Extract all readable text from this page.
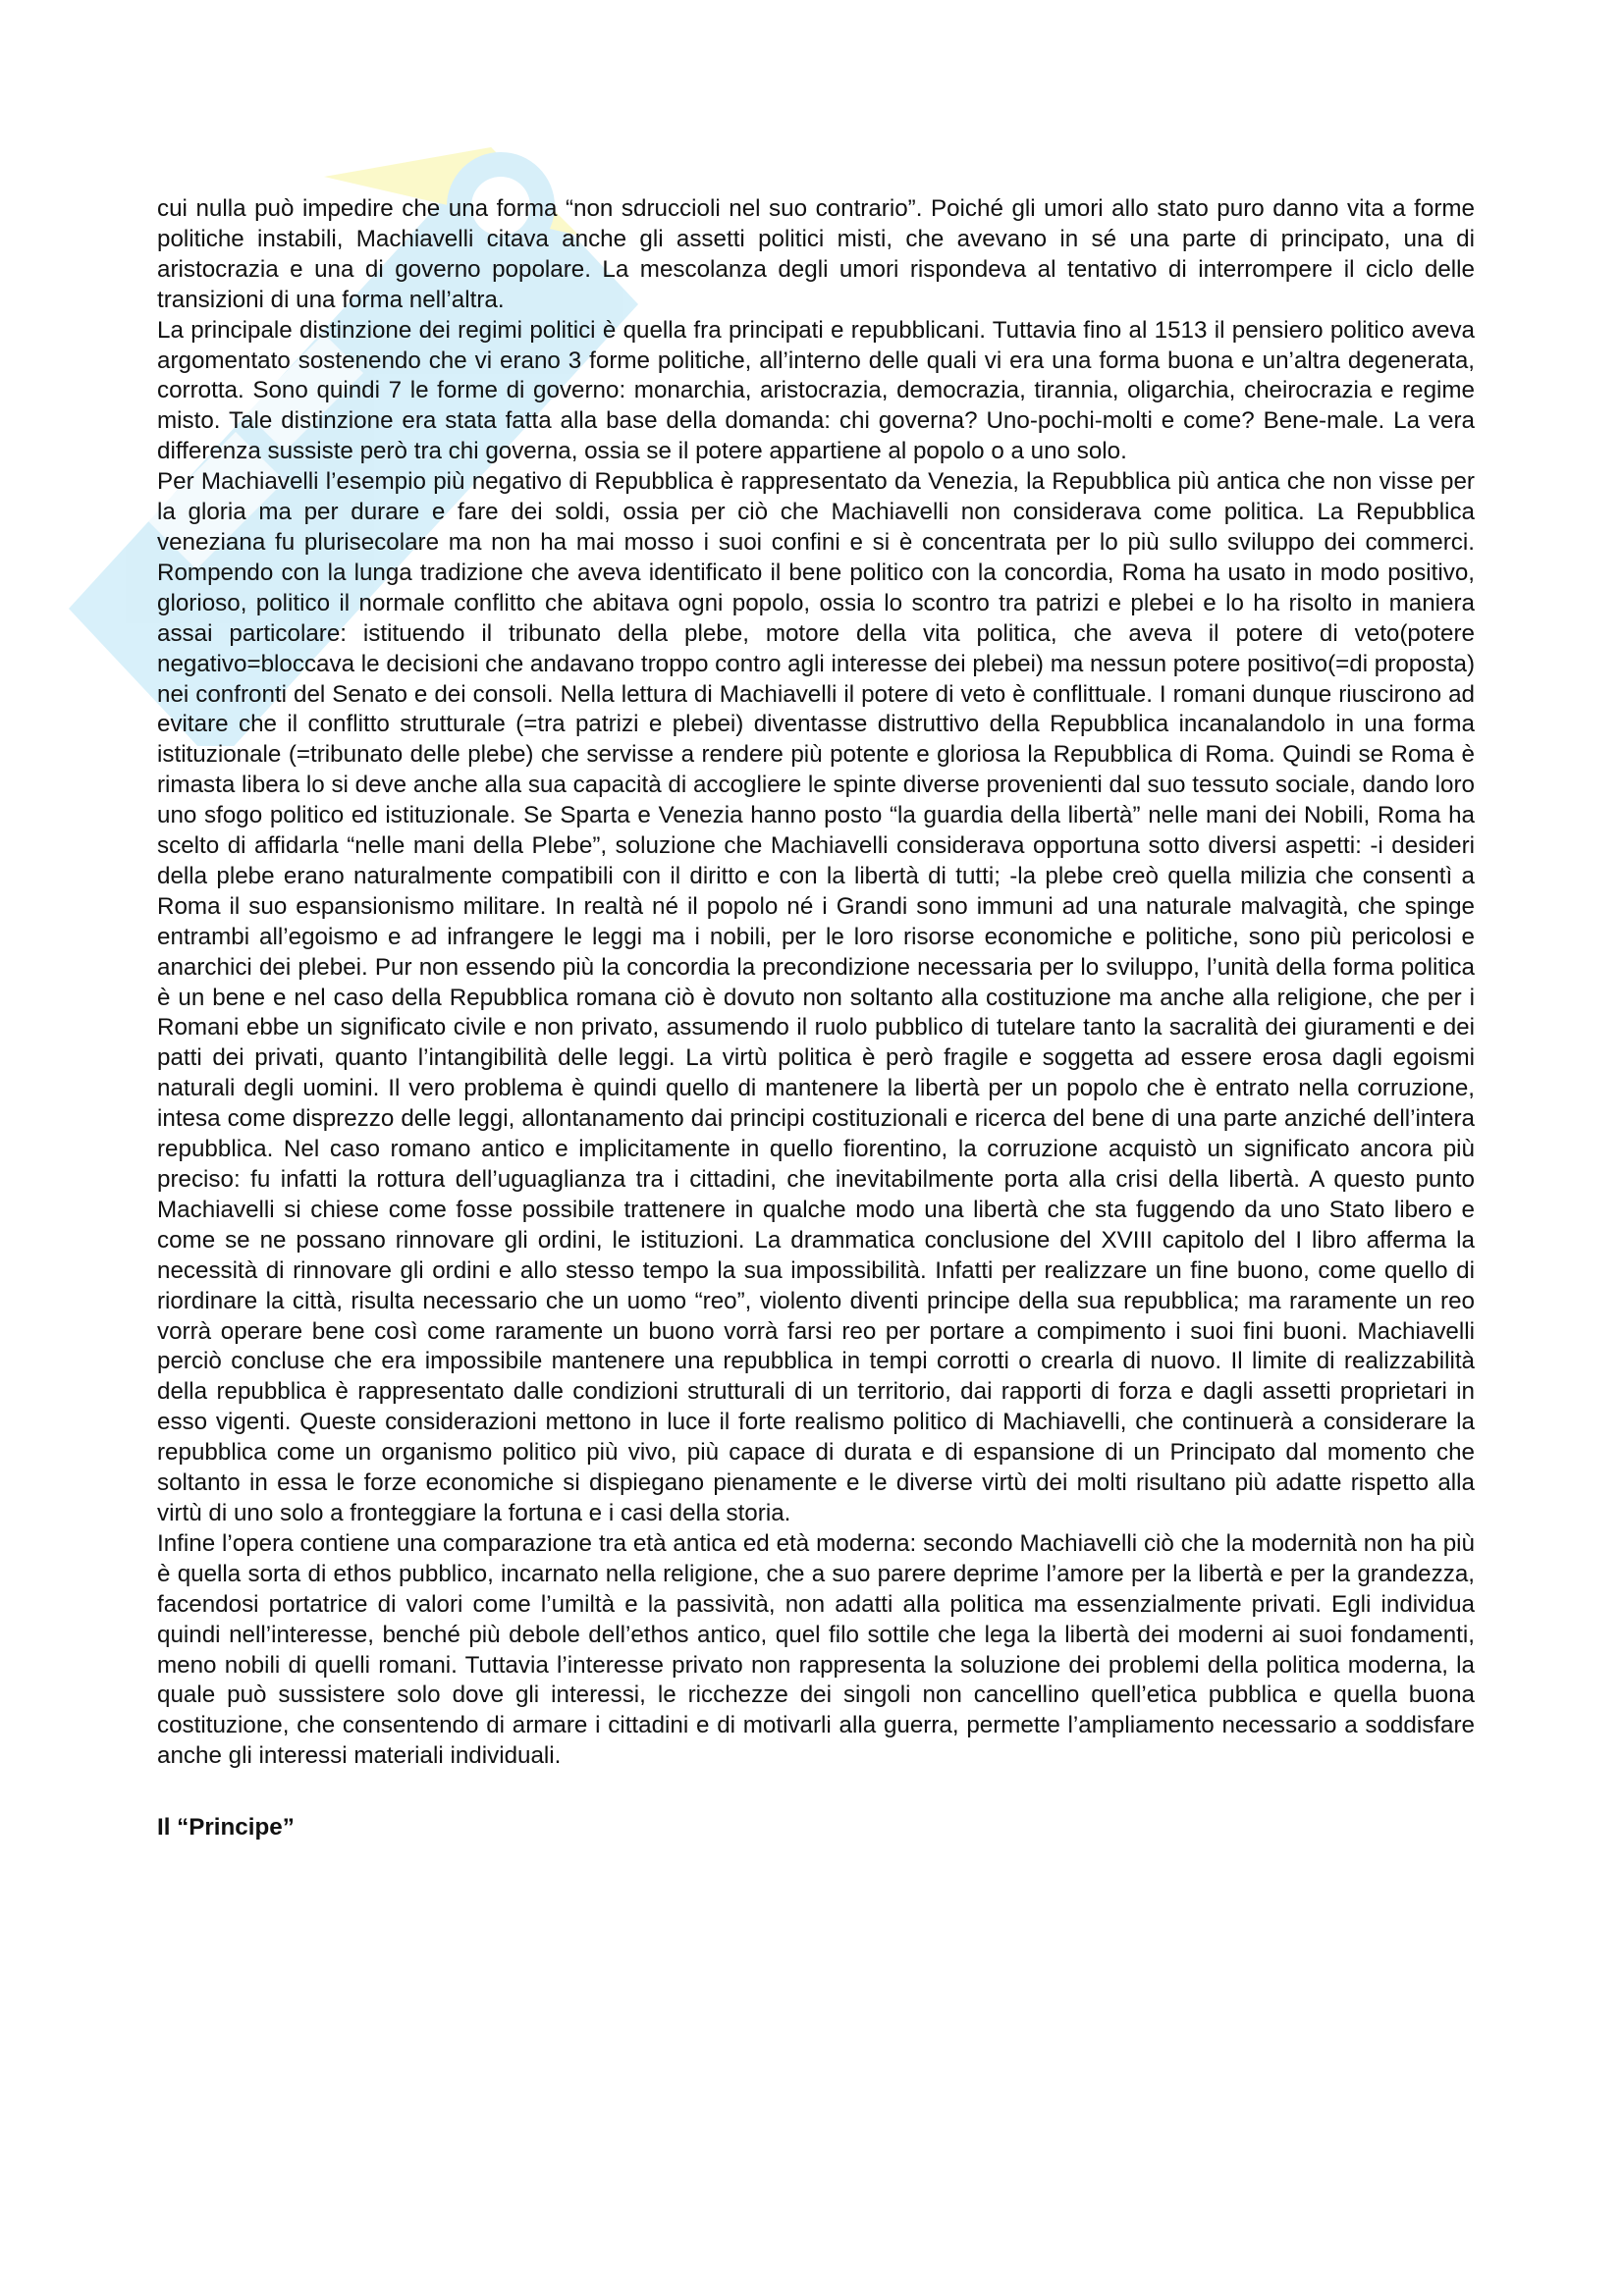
cui nulla può impedire che una forma “non sdruccioli nel suo contrario”. Poiché gli umori allo stato puro danno vita a forme politiche instabili, Machiavelli citava anche gli assetti politici misti, che avevano in sé una parte di principato, una di aristocrazia e una di governo popolare. La mescolanza degli umori rispondeva al tentativo di interrompere il ciclo delle transizioni di una forma nell’altra.

La principale distinzione dei regimi politici è quella fra principati e repubblicani. Tuttavia fino al 1513 il pensiero politico aveva argomentato sostenendo che vi erano 3 forme politiche, all’interno delle quali vi era una forma buona e un’altra degenerata, corrotta. Sono quindi 7 le forme di governo: monarchia, aristocrazia, democrazia, tirannia, oligarchia, cheirocrazia e regime misto. Tale distinzione era stata fatta alla base della domanda: chi governa? Uno-pochi-molti e come? Bene-male. La vera differenza sussiste però tra chi governa, ossia se il potere appartiene al popolo o a uno solo.

Per Machiavelli l’esempio più negativo di Repubblica è rappresentato da Venezia, la Repubblica più antica che non visse per la gloria ma per durare e fare dei soldi, ossia per ciò che Machiavelli non considerava come politica. La Repubblica veneziana fu plurisecolare ma non ha mai mosso i suoi confini e si è concentrata per lo più sullo sviluppo dei commerci. Rompendo con la lunga tradizione che aveva identificato il bene politico con la concordia, Roma ha usato in modo positivo, glorioso, politico il normale conflitto che abitava ogni popolo, ossia lo scontro tra patrizi e plebei e lo ha risolto in maniera assai particolare: istituendo il tribunato della plebe, motore della vita politica, che aveva il potere di veto(potere negativo=bloccava le decisioni che andavano troppo contro agli interesse dei plebei) ma nessun potere positivo(=di proposta) nei confronti del Senato e dei consoli. Nella lettura di Machiavelli il potere di veto è conflittuale. I romani dunque riuscirono ad evitare che il conflitto strutturale (=tra patrizi e plebei) diventasse distruttivo della Repubblica incanalandolo in una forma istituzionale (=tribunato delle plebe) che servisse a rendere più potente e gloriosa la Repubblica di Roma. Quindi se Roma è rimasta libera lo si deve anche alla sua capacità di accogliere le spinte diverse provenienti dal suo tessuto sociale, dando loro uno sfogo politico ed istituzionale. Se Sparta e Venezia hanno posto “la guardia della libertà” nelle mani dei Nobili, Roma ha scelto di affidarla “nelle mani della Plebe”, soluzione che Machiavelli considerava opportuna sotto diversi aspetti: -i desideri della plebe erano naturalmente compatibili con il diritto e con la libertà di tutti; -la plebe creò quella milizia che consentì a Roma il suo espansionismo militare. In realtà né il popolo né i Grandi sono immuni ad una naturale malvagità, che spinge entrambi all’egoismo e ad infrangere le leggi ma i nobili, per le loro risorse economiche e politiche, sono più pericolosi e anarchici dei plebei. Pur non essendo più la concordia la precondizione necessaria per lo sviluppo, l’unità della forma politica è un bene e nel caso della Repubblica romana ciò è dovuto non soltanto alla costituzione ma anche alla religione, che per i Romani ebbe un significato civile e non privato, assumendo il ruolo pubblico di tutelare tanto la sacralità dei giuramenti e dei patti dei privati, quanto l’intangibilità delle leggi. La virtù politica è però fragile e soggetta ad essere erosa dagli egoismi naturali degli uomini. Il vero problema è quindi quello di mantenere la libertà per un popolo che è entrato nella corruzione, intesa come disprezzo delle leggi, allontanamento dai principi costituzionali e ricerca del bene di una parte anziché dell’intera repubblica. Nel caso romano antico e implicitamente in quello fiorentino, la corruzione acquistò un significato ancora più preciso: fu infatti la rottura dell’uguaglianza tra i cittadini, che inevitabilmente porta alla crisi della libertà. A questo punto Machiavelli si chiese come fosse possibile trattenere in qualche modo una libertà che sta fuggendo da uno Stato libero e come se ne possano rinnovare gli ordini, le istituzioni. La drammatica conclusione del XVIII capitolo del I libro afferma la necessità di rinnovare gli ordini e allo stesso tempo la sua impossibilità. Infatti per realizzare un fine buono, come quello di riordinare la città, risulta necessario che un uomo “reo”, violento diventi principe della sua repubblica; ma raramente un reo vorrà operare bene così come raramente un buono vorrà farsi reo per portare a compimento i suoi fini buoni. Machiavelli perciò concluse che era impossibile mantenere una repubblica in tempi corrotti o crearla di nuovo. Il limite di realizzabilità della repubblica è rappresentato dalle condizioni strutturali di un territorio, dai rapporti di forza e dagli assetti proprietari in esso vigenti. Queste considerazioni mettono in luce il forte realismo politico di Machiavelli, che continuerà a considerare la repubblica come un organismo politico più vivo, più capace di durata e di espansione di un Principato dal momento che soltanto in essa le forze economiche si dispiegano pienamente e le diverse virtù dei molti risultano più adatte rispetto alla virtù di uno solo a fronteggiare la fortuna e i casi della storia.

Infine l’opera contiene una comparazione tra età antica ed età moderna: secondo Machiavelli ciò che la modernità non ha più è quella sorta di ethos pubblico, incarnato nella religione, che a suo parere deprime l’amore per la libertà e per la grandezza, facendosi portatrice di valori come l’umiltà e la passività, non adatti alla politica ma essenzialmente privati. Egli individua quindi nell’interesse, benché più debole dell’ethos antico, quel filo sottile che lega la libertà dei moderni ai suoi fondamenti, meno nobili di quelli romani. Tuttavia l’interesse privato non rappresenta la soluzione dei problemi della politica moderna, la quale può sussistere solo dove gli interessi, le ricchezze dei singoli non cancellino quell’etica pubblica e quella buona costituzione, che consentendo di armare i cittadini e di motivarli alla guerra, permette l’ampliamento necessario a soddisfare anche gli interessi materiali individuali.

Il “Principe”
